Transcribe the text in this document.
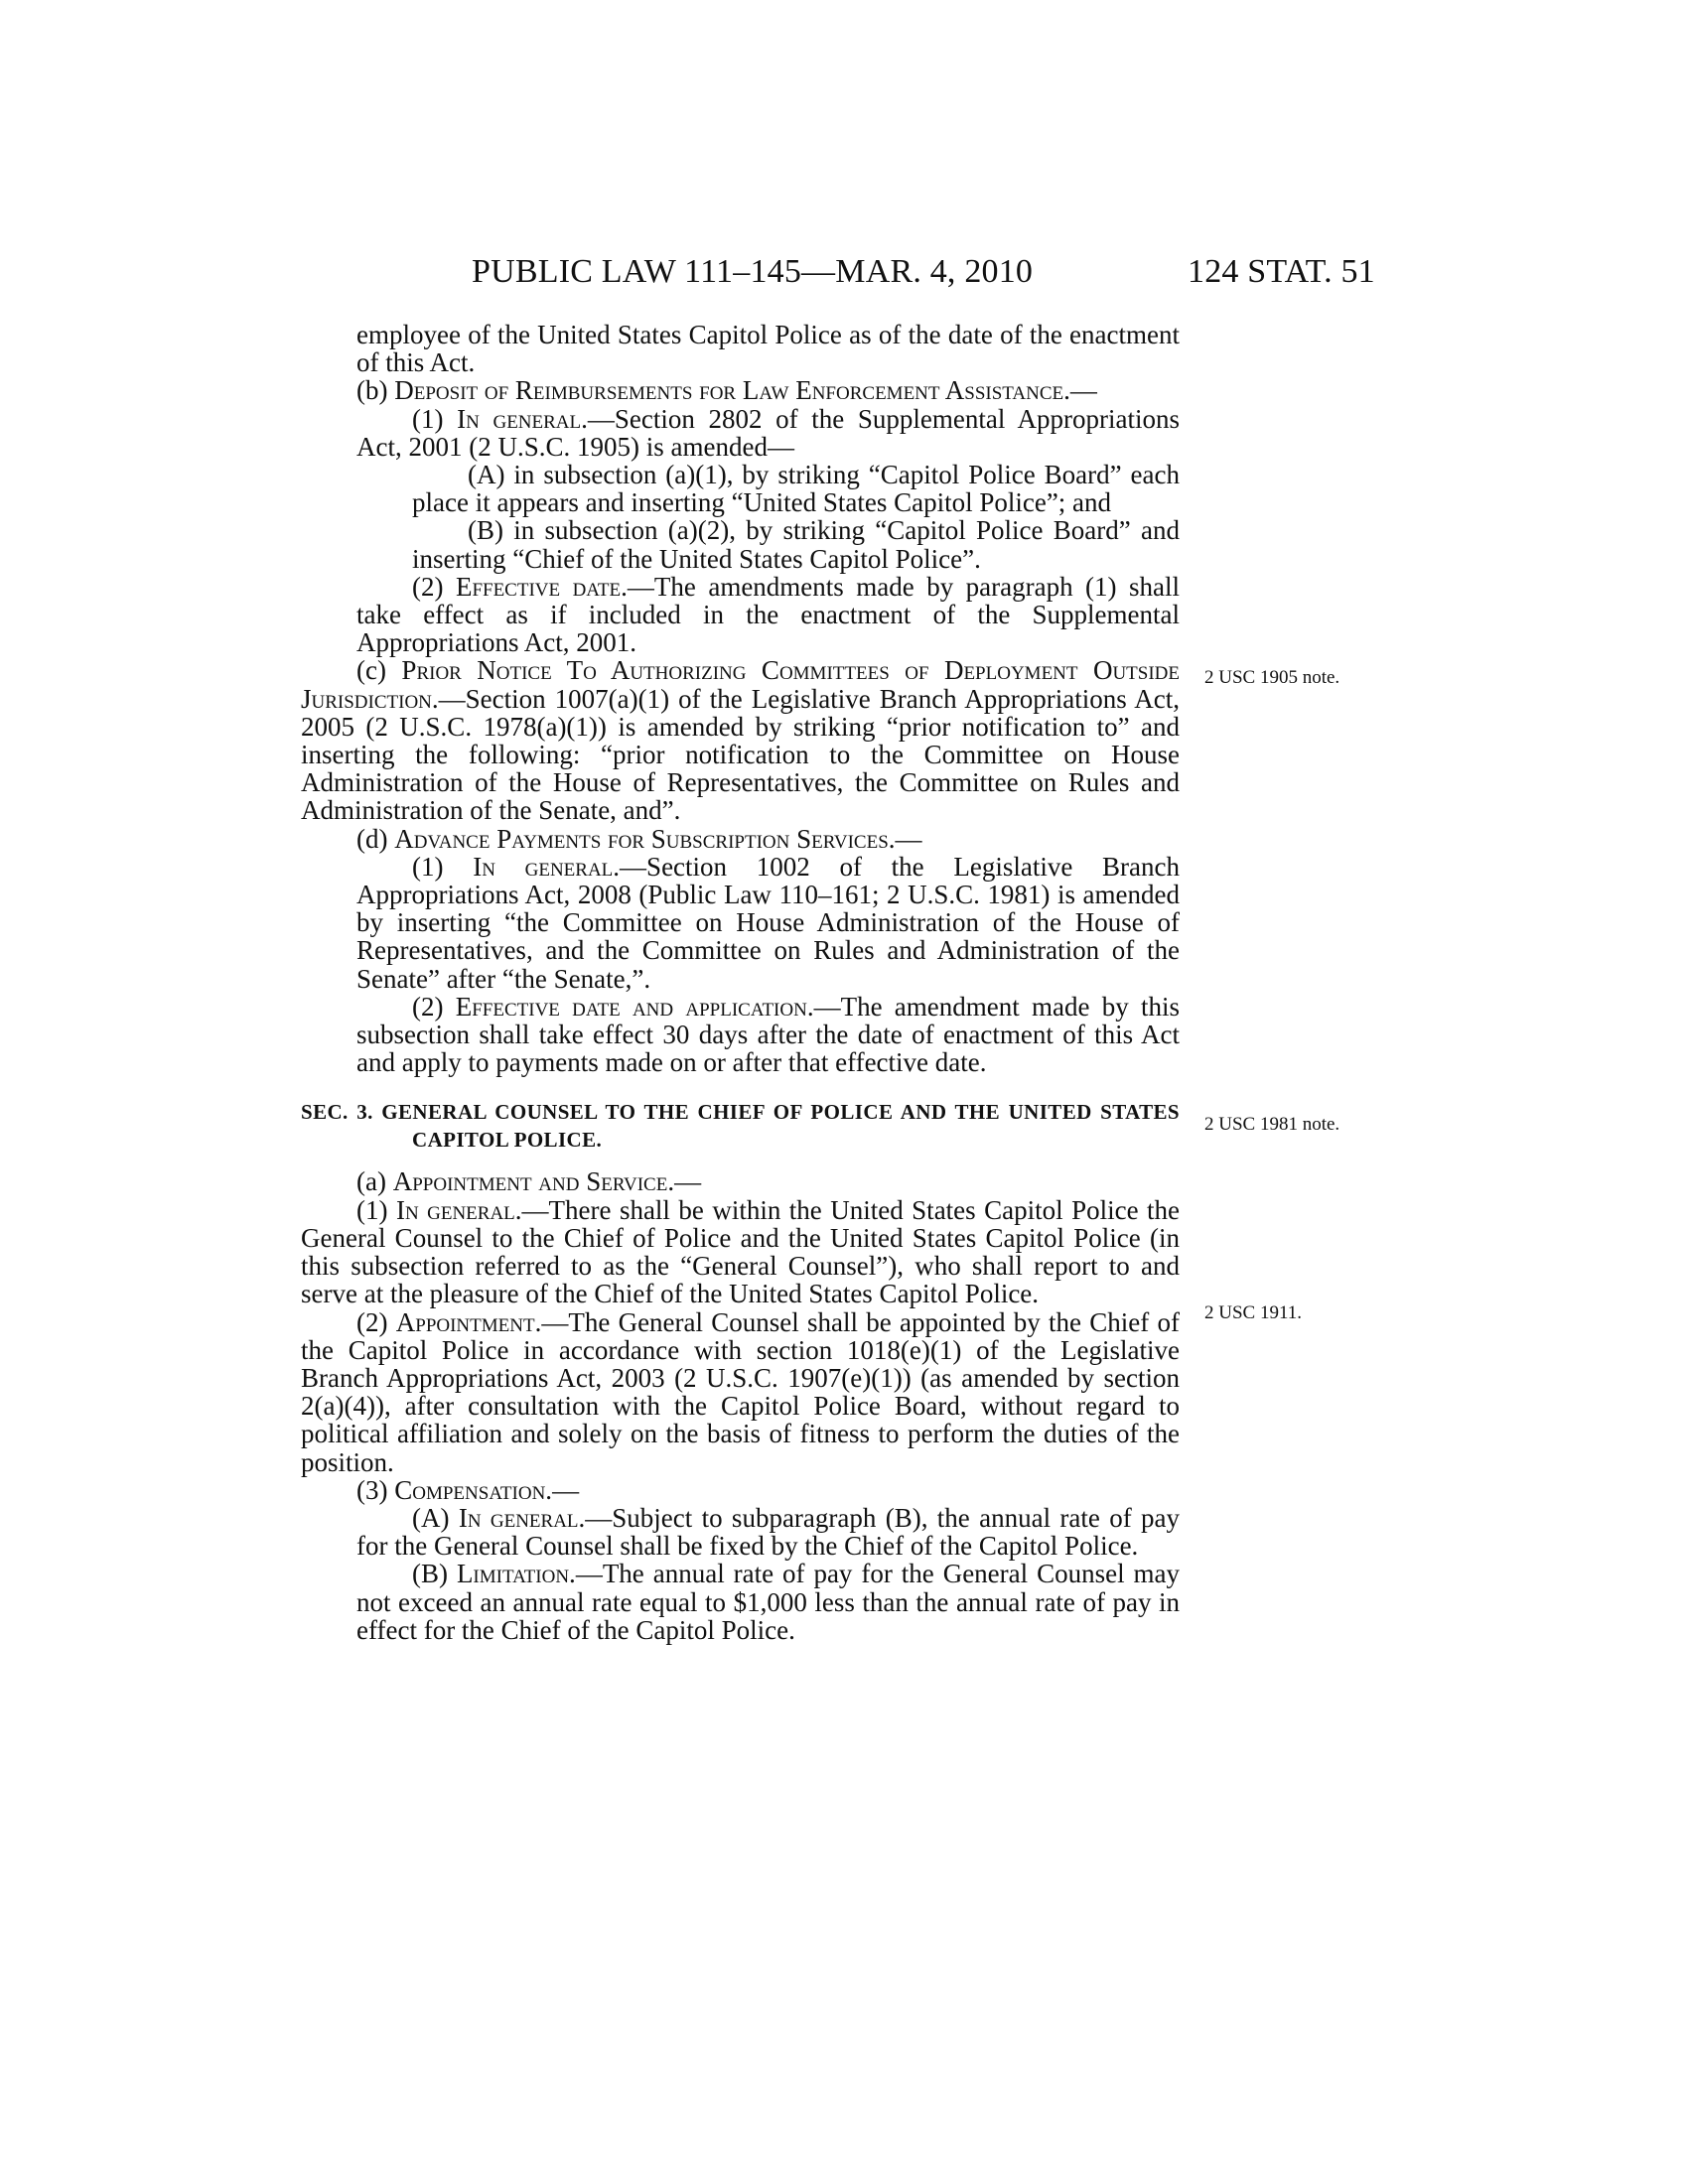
PUBLIC LAW 111–145—MAR. 4, 2010	124 STAT. 51

employee of the United States Capitol Police as of the date of the enactment of this Act.

(b) Deposit of Reimbursements for Law Enforcement Assistance.—

(1) In general.—Section 2802 of the Supplemental Appropriations Act, 2001 (2 U.S.C. 1905) is amended—

(A) in subsection (a)(1), by striking “Capitol Police Board” each place it appears and inserting “United States Capitol Police”; and

(B) in subsection (a)(2), by striking “Capitol Police Board” and inserting “Chief of the United States Capitol Police”.

(2) Effective date.—The amendments made by paragraph (1) shall take effect as if included in the enactment of the Supplemental Appropriations Act, 2001.

(c) Prior Notice To Authorizing Committees of Deployment Outside Jurisdiction.—Section 1007(a)(1) of the Legislative Branch Appropriations Act, 2005 (2 U.S.C. 1978(a)(1)) is amended by striking “prior notification to” and inserting the following: “prior notification to the Committee on House Administration of the House of Representatives, the Committee on Rules and Administration of the Senate, and”.

(d) Advance Payments for Subscription Services.—

(1) In general.—Section 1002 of the Legislative Branch Appropriations Act, 2008 (Public Law 110–161; 2 U.S.C. 1981) is amended by inserting “the Committee on House Administration of the House of Representatives, and the Committee on Rules and Administration of the Senate” after “the Senate,”.

(2) Effective date and application.—The amendment made by this subsection shall take effect 30 days after the date of enactment of this Act and apply to payments made on or after that effective date.

SEC. 3. GENERAL COUNSEL TO THE CHIEF OF POLICE AND THE UNITED STATES CAPITOL POLICE.

(a) Appointment and Service.—

(1) In general.—There shall be within the United States Capitol Police the General Counsel to the Chief of Police and the United States Capitol Police (in this subsection referred to as the “General Counsel”), who shall report to and serve at the pleasure of the Chief of the United States Capitol Police.

(2) Appointment.—The General Counsel shall be appointed by the Chief of the Capitol Police in accordance with section 1018(e)(1) of the Legislative Branch Appropriations Act, 2003 (2 U.S.C. 1907(e)(1)) (as amended by section 2(a)(4)), after consultation with the Capitol Police Board, without regard to political affiliation and solely on the basis of fitness to perform the duties of the position.

(3) Compensation.—

(A) In general.—Subject to subparagraph (B), the annual rate of pay for the General Counsel shall be fixed by the Chief of the Capitol Police.

(B) Limitation.—The annual rate of pay for the General Counsel may not exceed an annual rate equal to $1,000 less than the annual rate of pay in effect for the Chief of the Capitol Police.

2 USC 1905 note.
2 USC 1981 note.
2 USC 1911.
